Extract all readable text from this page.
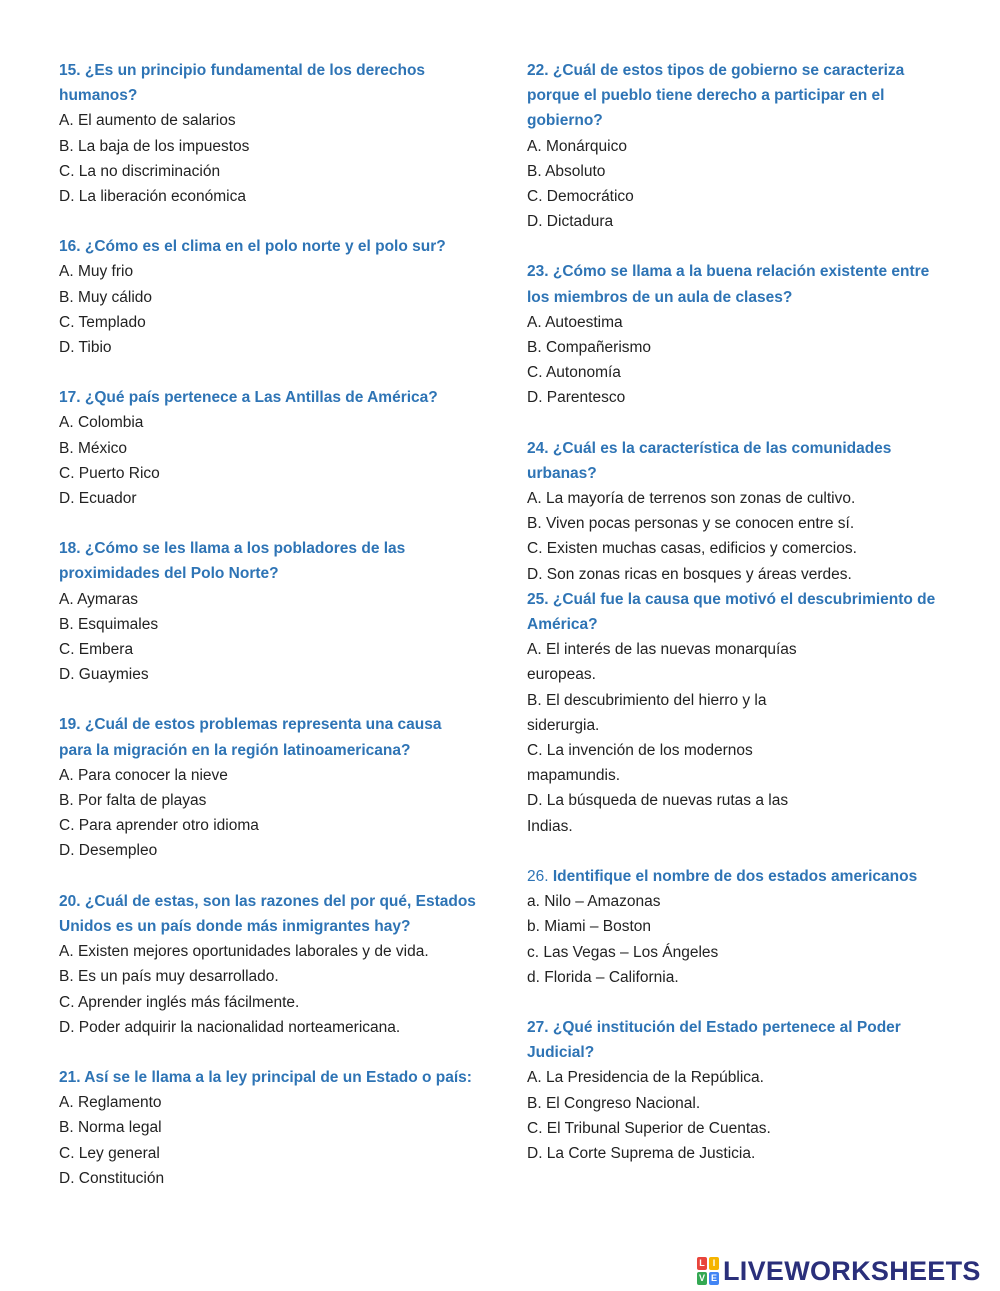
15. ¿Es un principio fundamental de los derechos

humanos?

A. El aumento de salarios

B. La baja de los impuestos

C. La no discriminación

D. La liberación económica

16. ¿Cómo es el clima en el polo norte y el polo sur?

A. Muy frio

B. Muy cálido

C. Templado

D. Tibio

17. ¿Qué país pertenece a Las Antillas de América?

A. Colombia

B. México

C. Puerto Rico

D. Ecuador

18. ¿Cómo se les llama a los pobladores de las

proximidades del Polo Norte?

A. Aymaras

B. Esquimales

C. Embera

D. Guaymies

19. ¿Cuál de estos problemas representa una causa

para la migración en la región latinoamericana?

A. Para conocer la nieve

B. Por falta de playas

C. Para aprender otro idioma

D. Desempleo

20. ¿Cuál de estas, son las razones del por qué, Estados

Unidos es un país donde más inmigrantes hay?

A. Existen mejores oportunidades laborales y de vida.

B. Es un país muy desarrollado.

C. Aprender inglés más fácilmente.

D. Poder adquirir la nacionalidad norteamericana.

21. Así se le llama a la ley principal de un Estado o país:

A. Reglamento

B. Norma legal

C. Ley general

D. Constitución

22. ¿Cuál de estos tipos de gobierno se caracteriza

porque el pueblo tiene derecho a participar en el

gobierno?

A. Monárquico

B. Absoluto

C. Democrático

D. Dictadura

23. ¿Cómo se llama a la buena relación existente entre

los miembros de un aula de clases?

A. Autoestima

B. Compañerismo

C. Autonomía

D. Parentesco

24. ¿Cuál es la característica de las comunidades

urbanas?

A. La mayoría de terrenos son zonas de cultivo.

B. Viven pocas personas y se conocen entre sí.

C. Existen muchas casas, edificios y comercios.

D. Son zonas ricas en bosques y áreas verdes.

25. ¿Cuál fue la causa que motivó el descubrimiento de

América?

A. El interés de las nuevas monarquías

europeas.

B. El descubrimiento del hierro y la

siderurgia.

C. La invención de los modernos

mapamundis.

D. La búsqueda de nuevas rutas a las

Indias.

26. Identifique el nombre de dos estados americanos

a. Nilo – Amazonas

b. Miami – Boston

c. Las Vegas – Los Ángeles

d. Florida – California.

27. ¿Qué institución del Estado pertenece al Poder

Judicial?

A. La Presidencia de la República.

B. El Congreso Nacional.

C. El Tribunal Superior de Cuentas.

D. La Corte Suprema de Justicia.

L I
V E LIVEWORKSHEETS
